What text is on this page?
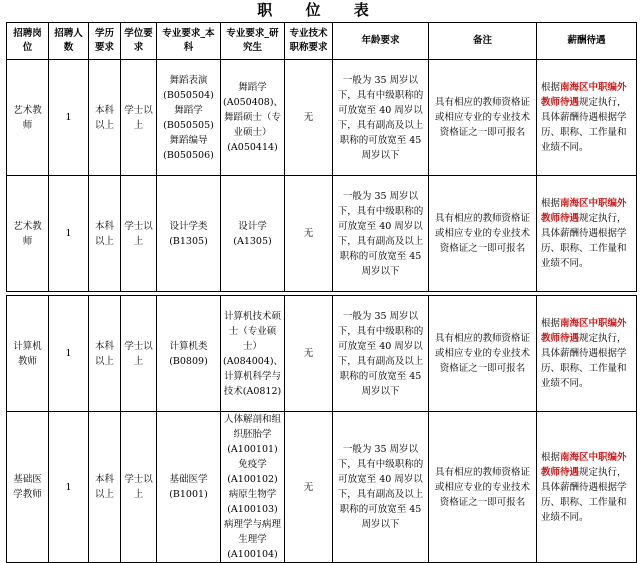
职 位 表
招聘岗位	招聘人数	学历要求	学位要求	专业要求_本科	专业要求_研究生	专业技术职称要求	年龄要求	备注	薪酬待遇
艺术教师	1	本科以上	学士以上	舞蹈表演(B050504)舞蹈学(B050505)舞蹈编导(B050506)	舞蹈学(A050408)、舞蹈硕士（专业硕士）(A050414)	无	一般为 35 周岁以下，具有中级职称的可放宽至 40 周岁以下，具有副高及以上职称的可放宽至 45 周岁以下	具有相应的教师资格证或相应专业的专业技术资格证之一即可报名	根据南海区中职编外教师待遇规定执行，具体薪酬待遇根据学历、职称、工作量和业绩不同。
艺术教师	1	本科以上	学士以上	设计学类(B1305)	设计学(A1305)	无	一般为 35 周岁以下，具有中级职称的可放宽至 40 周岁以下，具有副高及以上职称的可放宽至 45 周岁以下	具有相应的教师资格证或相应专业的专业技术资格证之一即可报名	根据南海区中职编外教师待遇规定执行，具体薪酬待遇根据学历、职称、工作量和业绩不同。

计算机教师	1	本科以上	学士以上	计算机类(B0809)	计算机技术硕士（专业硕士）(A084004)、计算机科学与技术(A0812)	无	一般为 35 周岁以下，具有中级职称的可放宽至 40 周岁以下，具有副高及以上职称的可放宽至 45 周岁以下	具有相应的教师资格证或相应专业的专业技术资格证之一即可报名	根据南海区中职编外教师待遇规定执行，具体薪酬待遇根据学历、职称、工作量和业绩不同。
基础医学教师	1	本科以上	学士以上	基础医学(B1001)	人体解剖和组织胚胎学(A100101)免疫学(A100102)病原生物学(A100103)病理学与病理生理学(A100104)	无	一般为 35 周岁以下，具有中级职称的可放宽至 40 周岁以下，具有副高及以上职称的可放宽至 45 周岁以下	具有相应的教师资格证或相应专业的专业技术资格证之一即可报名	根据南海区中职编外教师待遇规定执行，具体薪酬待遇根据学历、职称、工作量和业绩不同。
